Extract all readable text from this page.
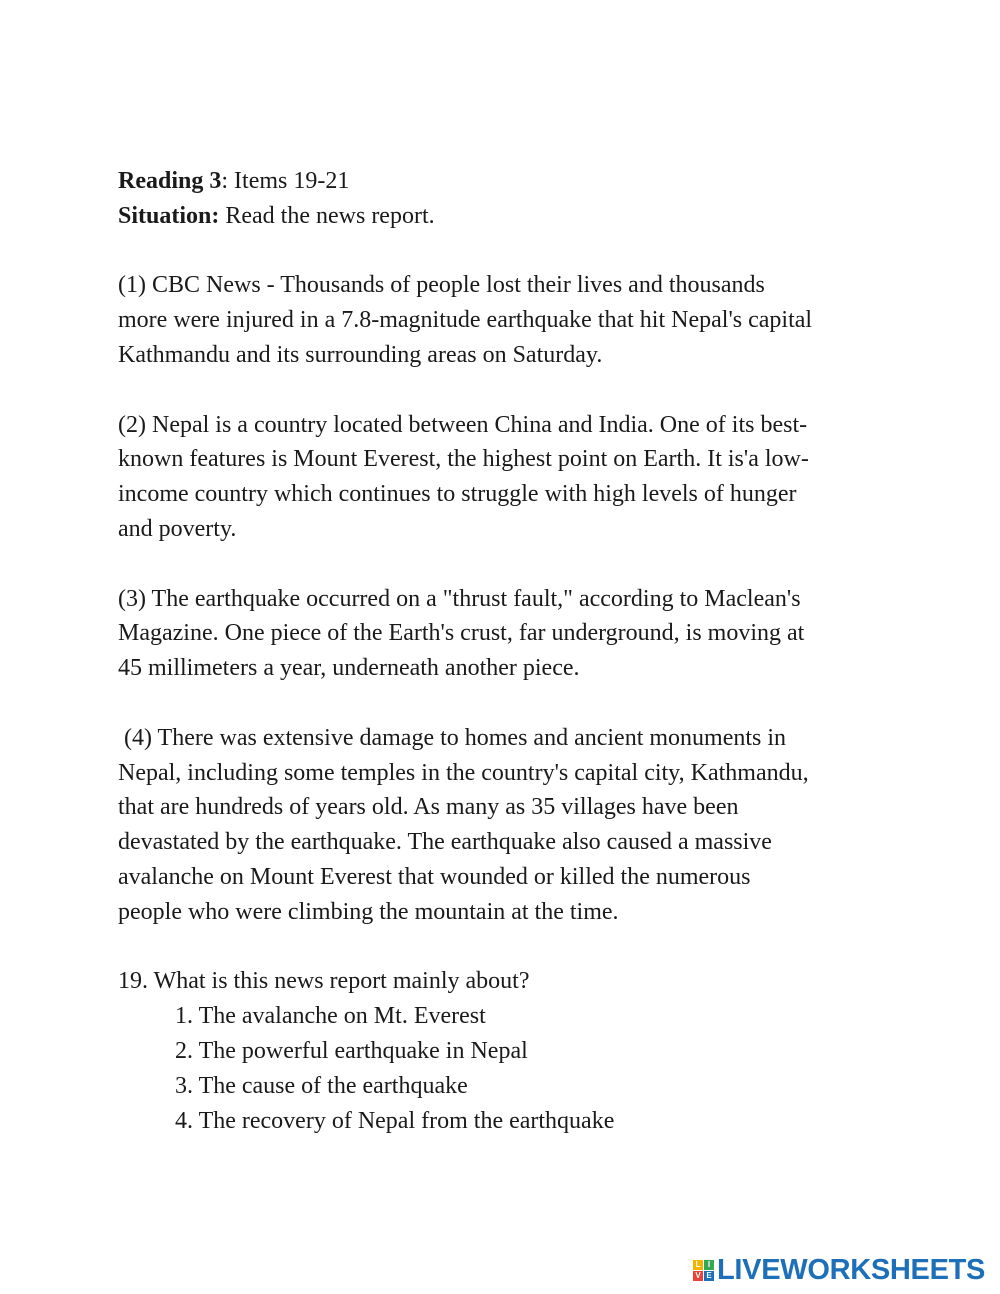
Reading 3: Items 19-21
Situation: Read the news report.
(1) CBC News - Thousands of people lost their lives and thousands
more were injured in a 7.8-magnitude earthquake that hit Nepal's capital
Kathmandu and its surrounding areas on Saturday.
(2) Nepal is a country located between China and India. One of its best-
known features is Mount Everest, the highest point on Earth. It is'a low-
income country which continues to struggle with high levels of hunger
and poverty.
(3) The earthquake occurred on a "thrust fault," according to Maclean's
Magazine. One piece of the Earth's crust, far underground, is moving at
45 millimeters a year, underneath another piece.
(4) There was extensive damage to homes and ancient monuments in
Nepal, including some temples in the country's capital city, Kathmandu,
that are hundreds of years old. As many as 35 villages have been
devastated by the earthquake. The earthquake also caused a massive
avalanche on Mount Everest that wounded or killed the numerous
people who were climbing the mountain at the time.
19. What is this news report mainly about?
1. The avalanche on Mt. Everest
2. The powerful earthquake in Nepal
3. The cause of the earthquake
4. The recovery of Nepal from the earthquake
L I
V E LIVEWORKSHEETS
